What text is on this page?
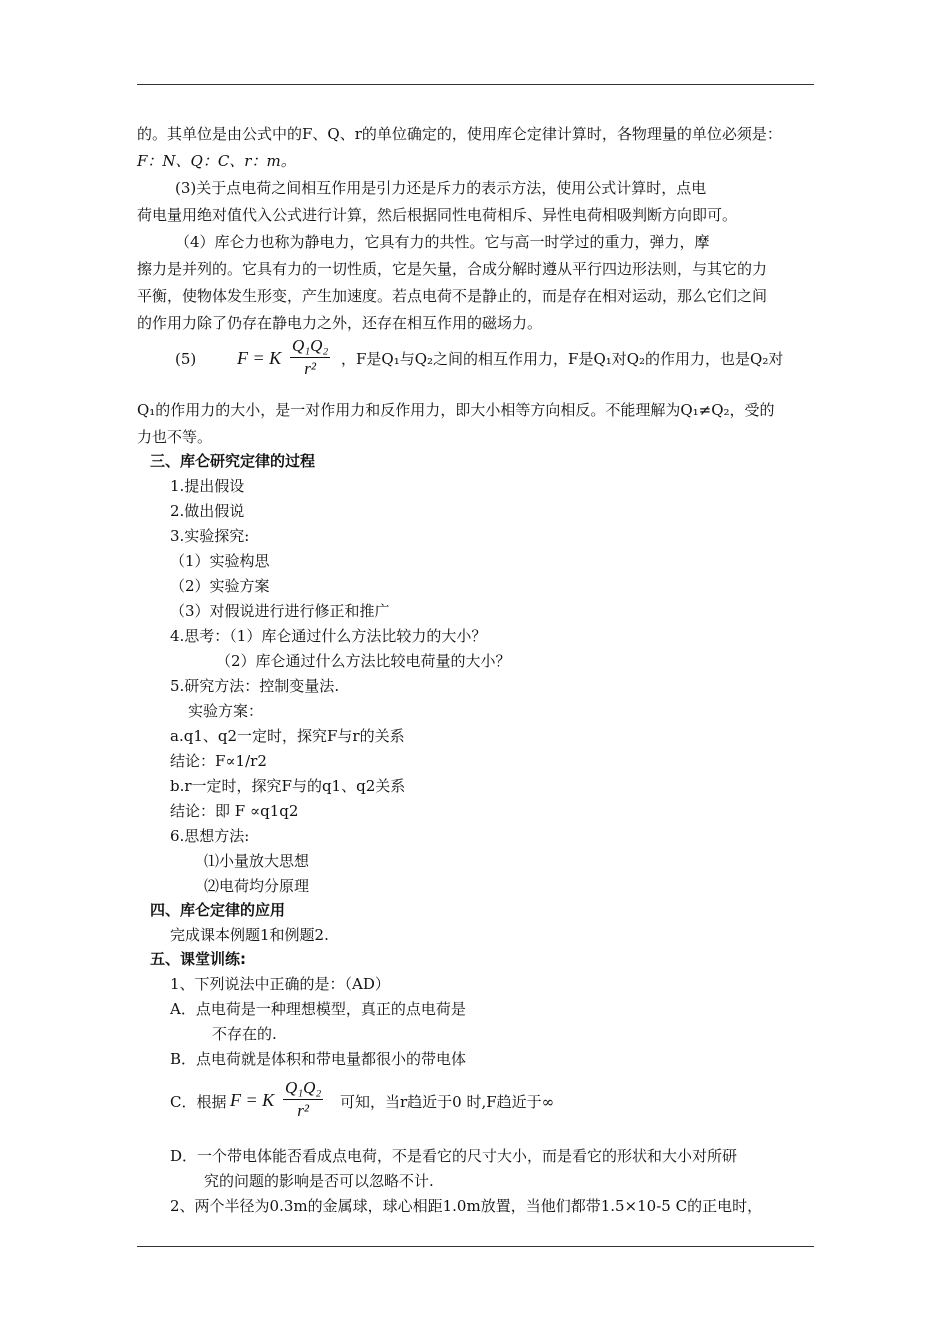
的。其单位是由公式中的F、Q、r的单位确定的，使用库仑定律计算时，各物理量的单位必须是：
F：N、Q：C、r：m。
(3)关于点电荷之间相互作用是引力还是斥力的表示方法，使用公式计算时，点电
荷电量用绝对值代入公式进行计算，然后根据同性电荷相斥、异性电荷相吸判断方向即可。
（4）库仑力也称为静电力，它具有力的共性。它与高一时学过的重力，弹力，摩
擦力是并列的。它具有力的一切性质，它是矢量，合成分解时遵从平行四边形法则，与其它的力
平衡，使物体发生形变，产生加速度。若点电荷不是静止的，而是存在相对运动，那么它们之间
的作用力除了仍存在静电力之外，还存在相互作用的磁场力。
(5) F = K $\frac{\text{Q₁Q₂}}{\text{r²}}$ ，F是Q₁与Q₂之间的相互作用力，F是Q₁对Q₂的作用力，也是Q₂对
Q₁的作用力的大小，是一对作用力和反作用力，即大小相等方向相反。不能理解为Q₁≠Q₂，受的
力也不等。
三、库仑研究定律的过程
1.提出假设
2.做出假说
3.实验探究:
（1）实验构思
（2）实验方案
（3）对假说进行进行修正和推广
4.思考：（1）库仑通过什么方法比较力的大小？
（2）库仑通过什么方法比较电荷量的大小？
5.研究方法：控制变量法.
实验方案：
a.q1、q2一定时，探究F与r的关系
结论：F∝1/r2
b.r一定时，探究F与的q1、q2关系
结论：即 F ∝q1q2
6.思想方法:
⑴小量放大思想
⑵电荷均分原理
四、库仑定律的应用
完成课本例题1和例题2.
五、课堂训练:
1、下列说法中正确的是：（AD）
A．点电荷是一种理想模型，真正的点电荷是
不存在的.
B．点电荷就是体积和带电量都很小的带电体
C．根据 F = K $\frac{\text{Q₁Q₂}}{\text{r²}}$ 可知，当r趋近于0 时,F趋近于∞
D．一个带电体能否看成点电荷，不是看它的尺寸大小，而是看它的形状和大小对所研
究的问题的影响是否可以忽略不计.
2、两个半径为0.3m的金属球，球心相距1.0m放置，当他们都带1.5×10-5 C的正电时，
